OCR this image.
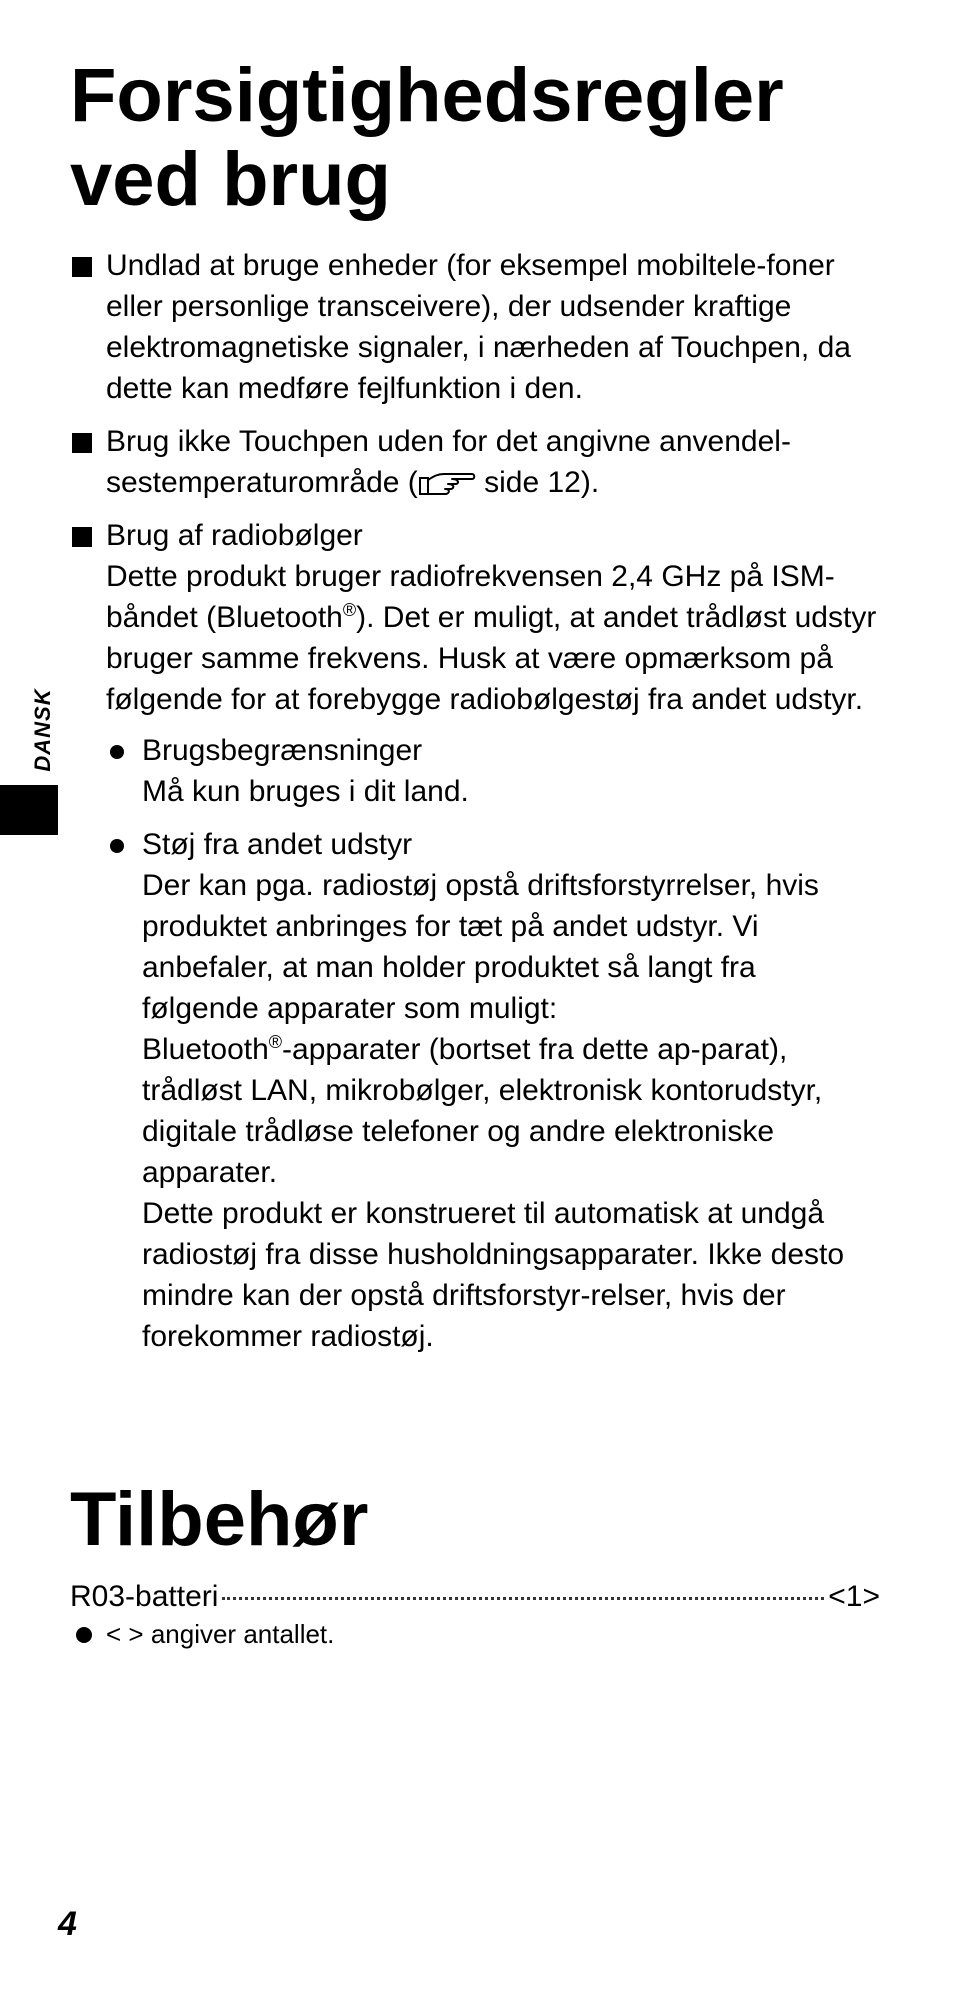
Forsigtighedsregler
ved brug

Undlad at bruge enheder (for eksempel mobiltele-foner eller personlige transceivere), der udsender kraftige elektromagnetiske signaler, i nærheden af Touchpen, da dette kan medføre fejlfunktion i den.

Brug ikke Touchpen uden for det angivne anvendel-sestemperaturområde ( side 12).

Brug af radiobølger

Dette produkt bruger radiofrekvensen 2,4 GHz på ISM-båndet (Bluetooth®). Det er muligt, at andet trådløst udstyr bruger samme frekvens. Husk at være opmærksom på følgende for at forebygge radiobølgestøj fra andet udstyr.

Brugsbegrænsninger

Må kun bruges i dit land.

Støj fra andet udstyr

Der kan pga. radiostøj opstå driftsforstyrrelser, hvis produktet anbringes for tæt på andet udstyr. Vi anbefaler, at man holder produktet så langt fra følgende apparater som muligt:

Bluetooth®-apparater (bortset fra dette ap-parat), trådløst LAN, mikrobølger, elektronisk kontorudstyr, digitale trådløse telefoner og andre elektroniske apparater.

Dette produkt er konstrueret til automatisk at undgå radiostøj fra disse husholdningsapparater. Ikke desto mindre kan der opstå driftsforstyr-relser, hvis der forekommer radiostøj.

DANSK
Tilbehør
R03-batteri	<1>
< > angiver antallet.
4
